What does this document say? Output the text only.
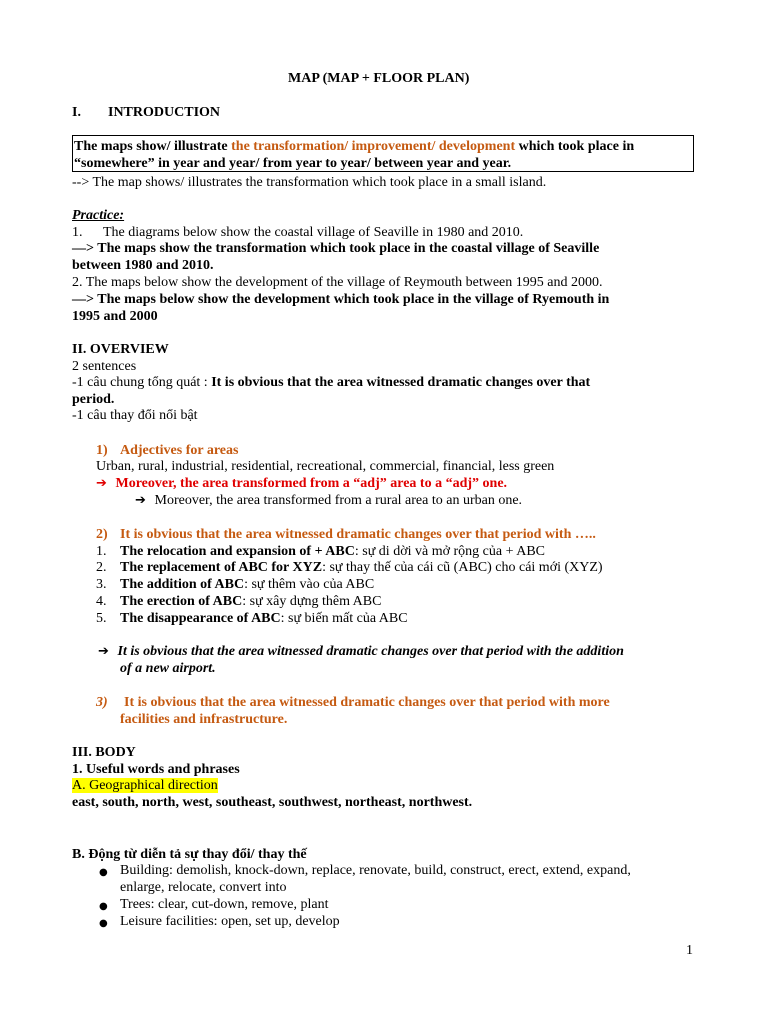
MAP (MAP + FLOOR PLAN)
I. INTRODUCTION
The maps show/ illustrate the transformation/ improvement/ development which took place in
“somewhere” in year and year/ from year to year/ between year and year.
--> The map shows/ illustrates the transformation which took place in a small island.
Practice:
1. The diagrams below show the coastal village of Seaville in 1980 and 2010.
—> The maps show the transformation which took place in the coastal village of Seaville
between 1980 and 2010.
2. The maps below show the development of the village of Reymouth between 1995 and 2000.
—> The maps below show the development which took place in the village of Ryemouth in
1995 and 2000
II. OVERVIEW
2 sentences
-1 câu chung tổng quát : It is obvious that the area witnessed dramatic changes over that
period.
-1 câu thay đổi nổi bật
1) Adjectives for areas
Urban, rural, industrial, residential, recreational, commercial, financial, less green
➔ Moreover, the area transformed from a “adj” area to a “adj” one.
➔ Moreover, the area transformed from a rural area to an urban one.
2) It is obvious that the area witnessed dramatic changes over that period with …..
1. The relocation and expansion of + ABC: sự di dời và mở rộng của + ABC
2. The replacement of ABC for XYZ: sự thay thế của cái cũ (ABC) cho cái mới (XYZ)
3. The addition of ABC: sự thêm vào của ABC
4. The erection of ABC: sự xây dựng thêm ABC
5. The disappearance of ABC: sự biến mất của ABC
➔ It is obvious that the area witnessed dramatic changes over that period with the addition
of a new airport.
3) It is obvious that the area witnessed dramatic changes over that period with more
facilities and infrastructure.
III. BODY
1. Useful words and phrases
A. Geographical direction
east, south, north, west, southeast, southwest, northeast, northwest.
B. Động từ diễn tả sự thay đổi/ thay thế
● Building: demolish, knock-down, replace, renovate, build, construct, erect, extend, expand,
enlarge, relocate, convert into
● Trees: clear, cut-down, remove, plant
● Leisure facilities: open, set up, develop
1
